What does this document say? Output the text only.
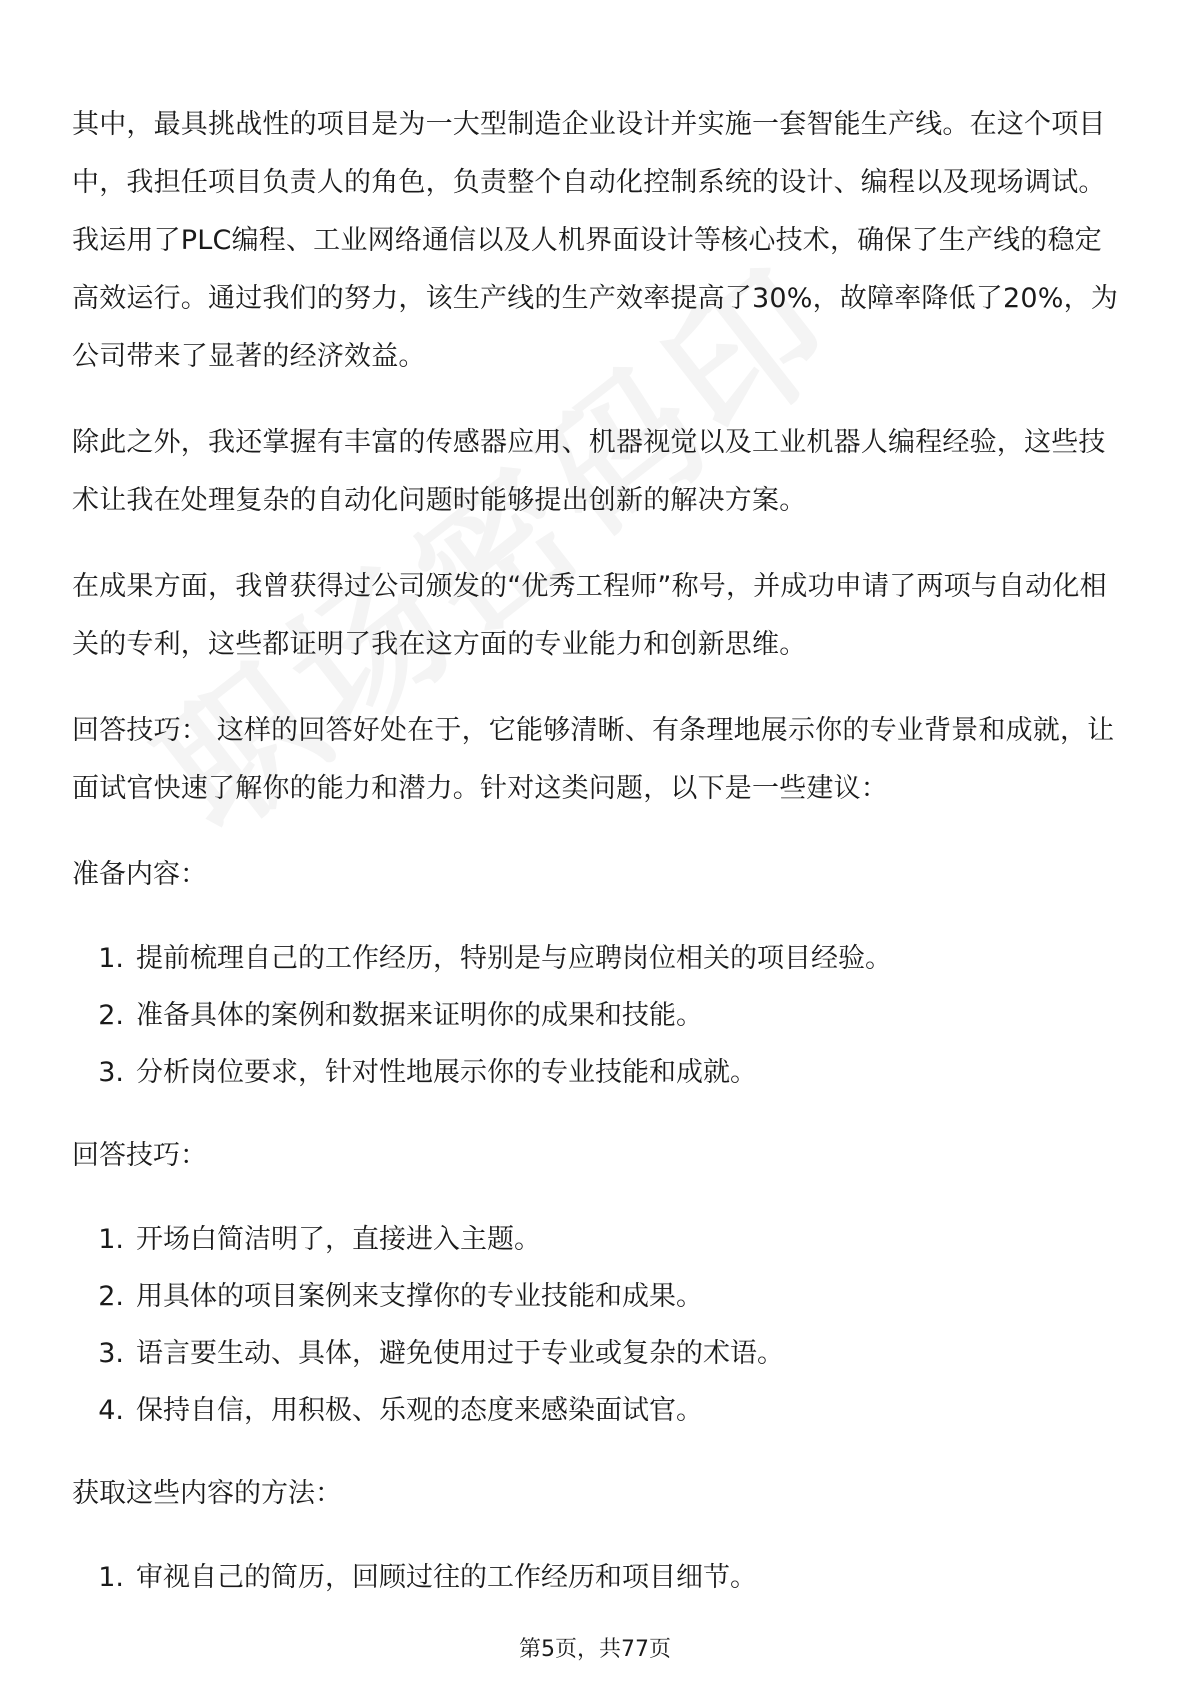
其中，最具挑战性的项目是为一大型制造企业设计并实施一套智能生产线。在这个项目中，我担任项目负责人的角色，负责整个自动化控制系统的设计、编程以及现场调试。我运用了PLC编程、工业网络通信以及人机界面设计等核心技术，确保了生产线的稳定高效运行。通过我们的努力，该生产线的生产效率提高了30%，故障率降低了20%，为公司带来了显著的经济效益。

除此之外，我还掌握有丰富的传感器应用、机器视觉以及工业机器人编程经验，这些技术让我在处理复杂的自动化问题时能够提出创新的解决方案。

在成果方面，我曾获得过公司颁发的“优秀工程师”称号，并成功申请了两项与自动化相关的专利，这些都证明了我在这方面的专业能力和创新思维。

回答技巧： 这样的回答好处在于，它能够清晰、有条理地展示你的专业背景和成就，让面试官快速了解你的能力和潜力。针对这类问题，以下是一些建议：

准备内容：
1. 提前梳理自己的工作经历，特别是与应聘岗位相关的项目经验。
2. 准备具体的案例和数据来证明你的成果和技能。
3. 分析岗位要求，针对性地展示你的专业技能和成就。
回答技巧：
1. 开场白简洁明了，直接进入主题。
2. 用具体的项目案例来支撑你的专业技能和成果。
3. 语言要生动、具体，避免使用过于专业或复杂的术语。
4. 保持自信，用积极、乐观的态度来感染面试官。
获取这些内容的方法：
1. 审视自己的简历，回顾过往的工作经历和项目细节。
第5页，共77页
